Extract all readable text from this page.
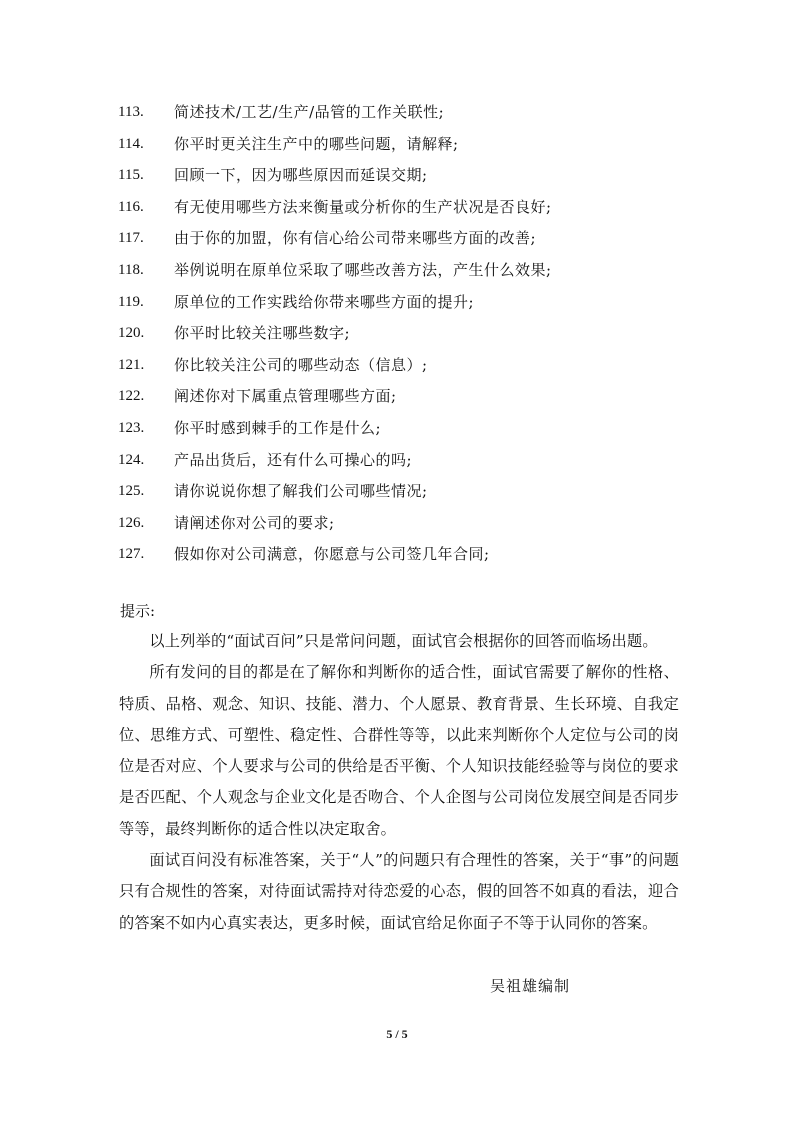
113.	简述技术/工艺/生产/品管的工作关联性;
114.	你平时更关注生产中的哪些问题，请解释;
115.	回顾一下，因为哪些原因而延误交期;
116.	有无使用哪些方法来衡量或分析你的生产状况是否良好;
117.	由于你的加盟，你有信心给公司带来哪些方面的改善;
118.	举例说明在原单位采取了哪些改善方法，产生什么效果;
119.	原单位的工作实践给你带来哪些方面的提升;
120.	你平时比较关注哪些数字;
121.	你比较关注公司的哪些动态（信息）;
122.	阐述你对下属重点管理哪些方面;
123.	你平时感到棘手的工作是什么;
124.	产品出货后，还有什么可操心的吗;
125.	请你说说你想了解我们公司哪些情况;
126.	请阐述你对公司的要求;
127.	假如你对公司满意，你愿意与公司签几年合同;
提示:

以上列举的“面试百问”只是常问问题，面试官会根据你的回答而临场出题。

所有发问的目的都是在了解你和判断你的适合性，面试官需要了解你的性格、特质、品格、观念、知识、技能、潜力、个人愿景、教育背景、生长环境、自我定位、思维方式、可塑性、稳定性、合群性等等，以此来判断你个人定位与公司的岗位是否对应、个人要求与公司的供给是否平衡、个人知识技能经验等与岗位的要求是否匹配、个人观念与企业文化是否吻合、个人企图与公司岗位发展空间是否同步等等，最终判断你的适合性以决定取舍。

面试百问没有标准答案，关于“人”的问题只有合理性的答案，关于“事”的问题只有合规性的答案，对待面试需持对待恋爱的心态，假的回答不如真的看法，迎合的答案不如内心真实表达，更多时候，面试官给足你面子不等于认同你的答案。

吴祖雄编制
5 / 5
